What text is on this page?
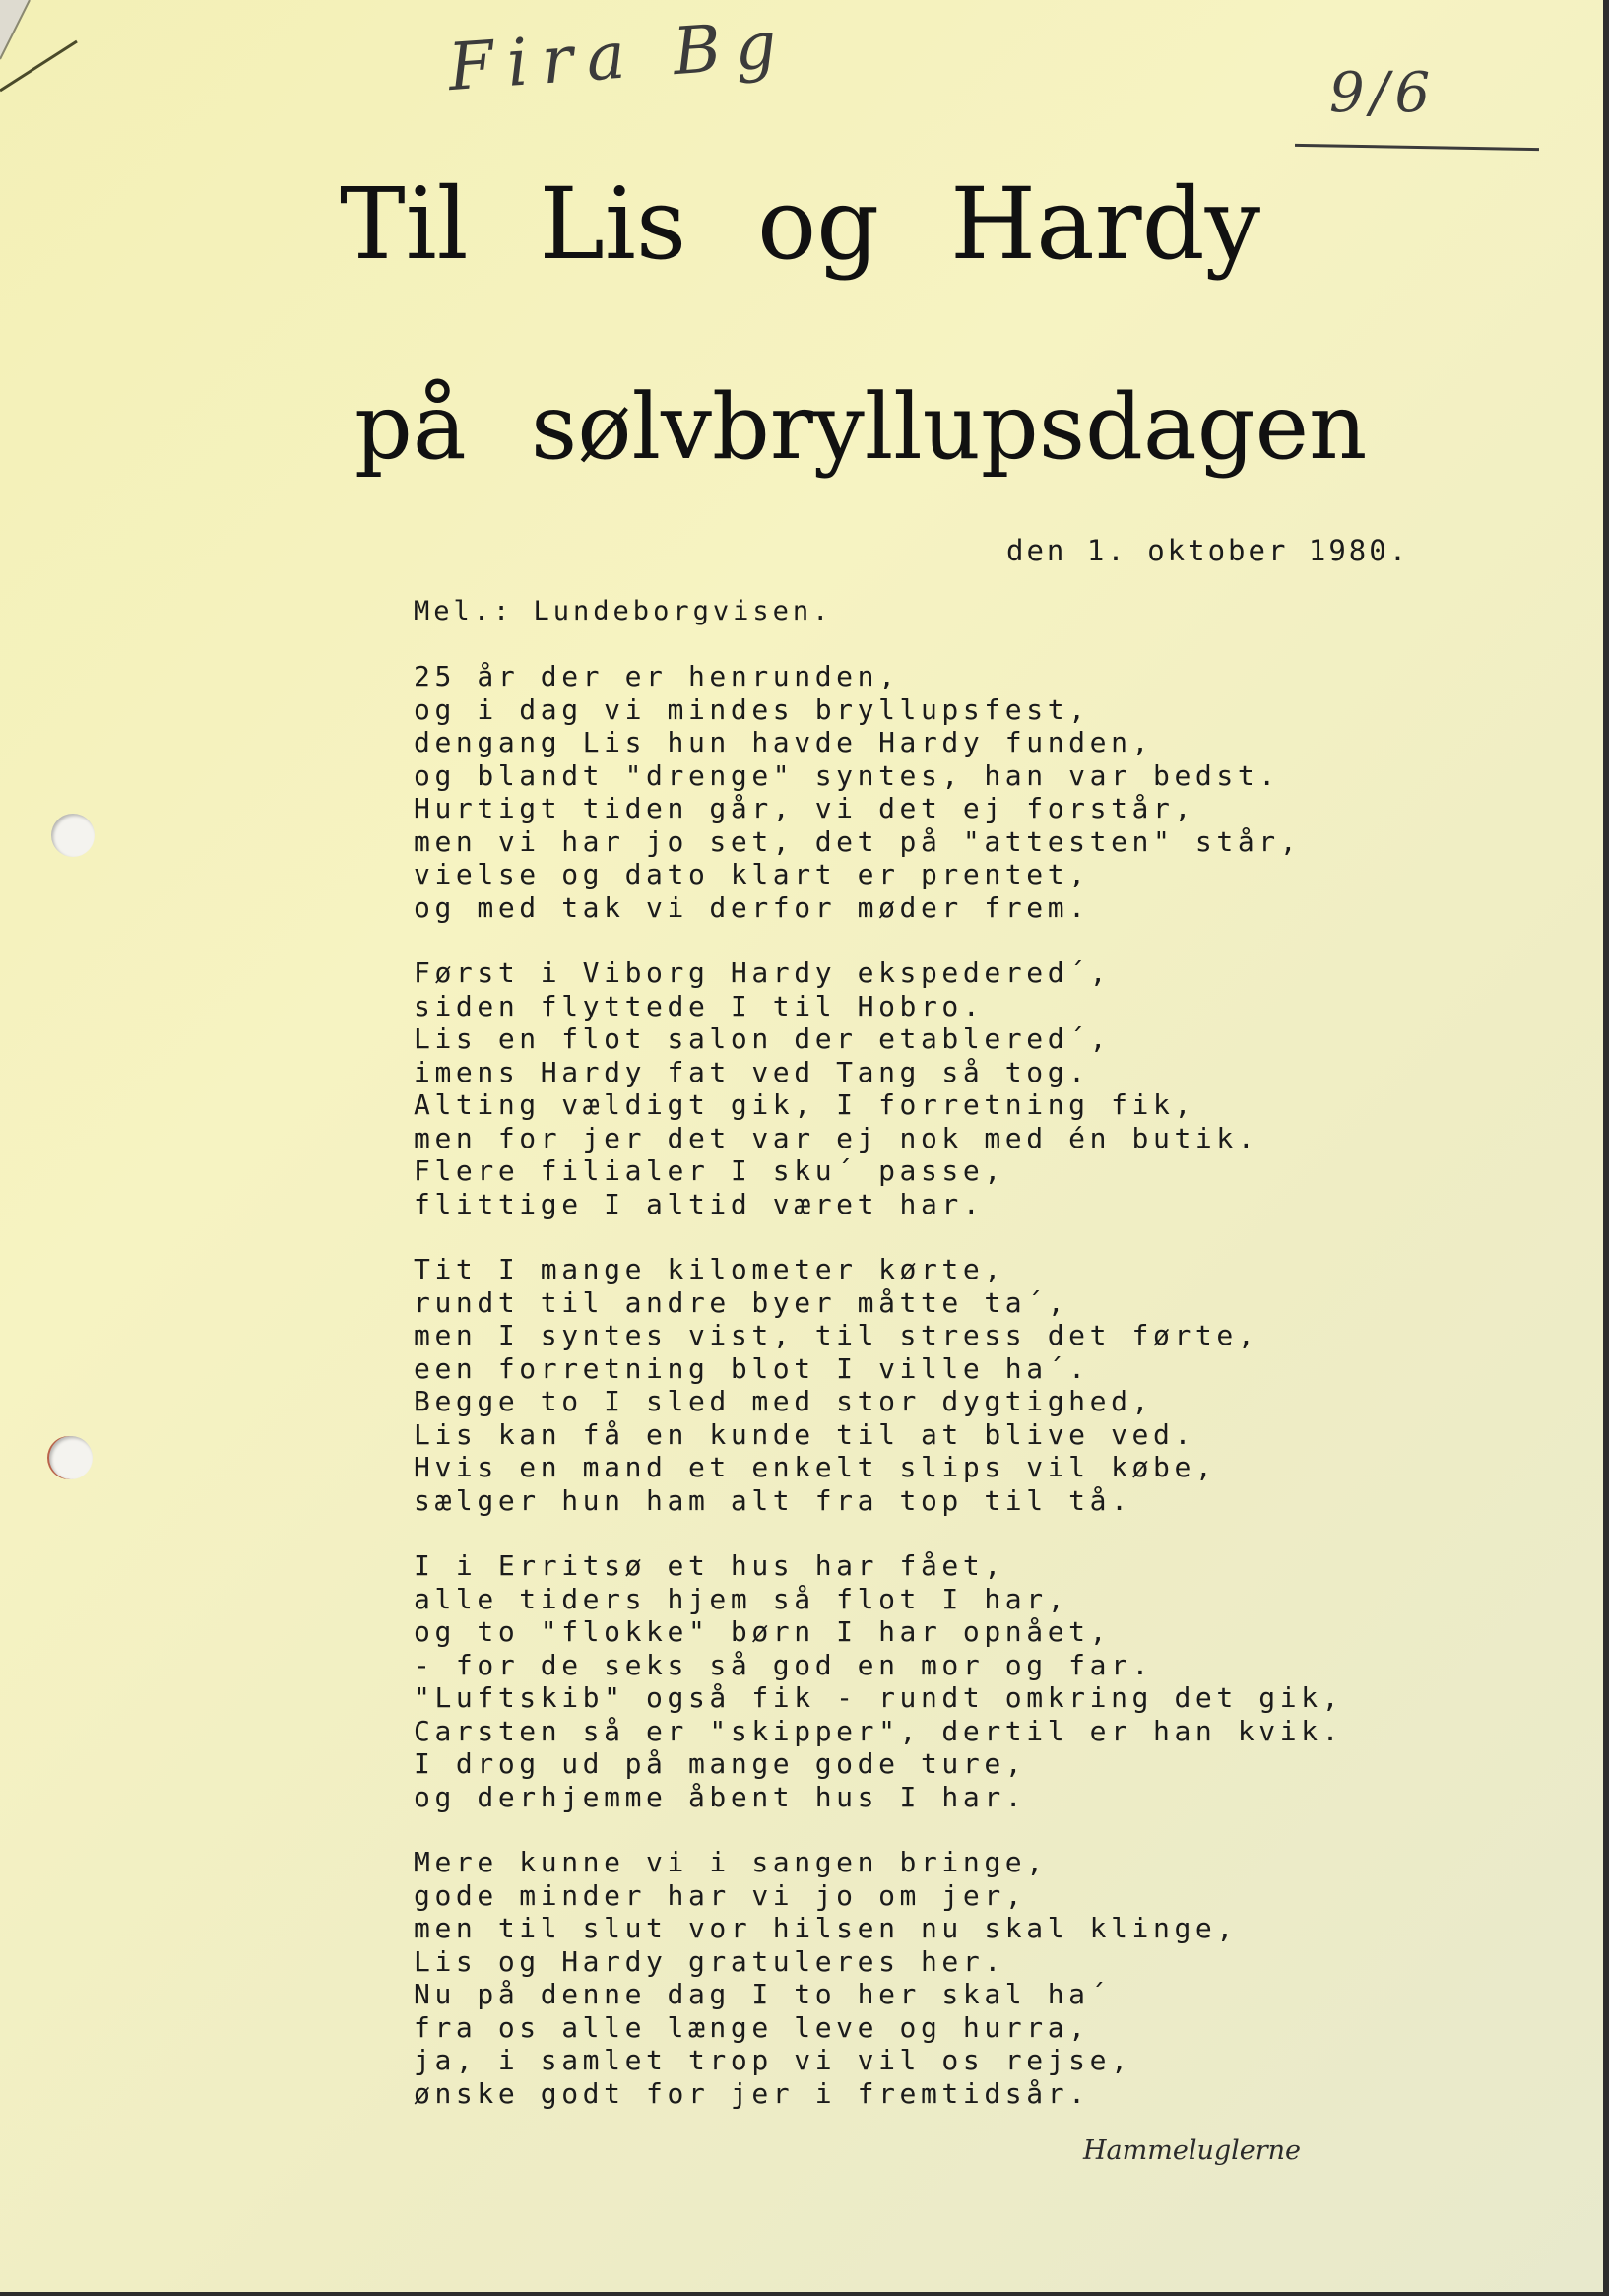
Fira Bg	9/6
Til Lis og Hardy
på sølvbryllupsdagen
den 1. oktober 1980.
Mel.: Lundeborgvisen.
25 år der er henrunden,
og i dag vi mindes bryllupsfest,
dengang Lis hun havde Hardy funden,
og blandt "drenge" syntes, han var bedst.
Hurtigt tiden går, vi det ej forstår,
men vi har jo set, det på "attesten" står,
vielse og dato klart er prentet,
og med tak vi derfor møder frem.
Først i Viborg Hardy ekspedered´,
siden flyttede I til Hobro.
Lis en flot salon der etablered´,
imens Hardy fat ved Tang så tog.
Alting vældigt gik, I forretning fik,
men for jer det var ej nok med én butik.
Flere filialer I sku´ passe,
flittige I altid været har.
Tit I mange kilometer kørte,
rundt til andre byer måtte ta´,
men I syntes vist, til stress det førte,
een forretning blot I ville ha´.
Begge to I sled med stor dygtighed,
Lis kan få en kunde til at blive ved.
Hvis en mand et enkelt slips vil købe,
sælger hun ham alt fra top til tå.
I i Erritsø et hus har fået,
alle tiders hjem så flot I har,
og to "flokke" børn I har opnået,
- for de seks så god en mor og far.
"Luftskib" også fik - rundt omkring det gik,
Carsten så er "skipper", dertil er han kvik.
I drog ud på mange gode ture,
og derhjemme åbent hus I har.
Mere kunne vi i sangen bringe,
gode minder har vi jo om jer,
men til slut vor hilsen nu skal klinge,
Lis og Hardy gratuleres her.
Nu på denne dag I to her skal ha´
fra os alle længe leve og hurra,
ja, i samlet trop vi vil os rejse,
ønske godt for jer i fremtidsår.
Hammeluglerne
